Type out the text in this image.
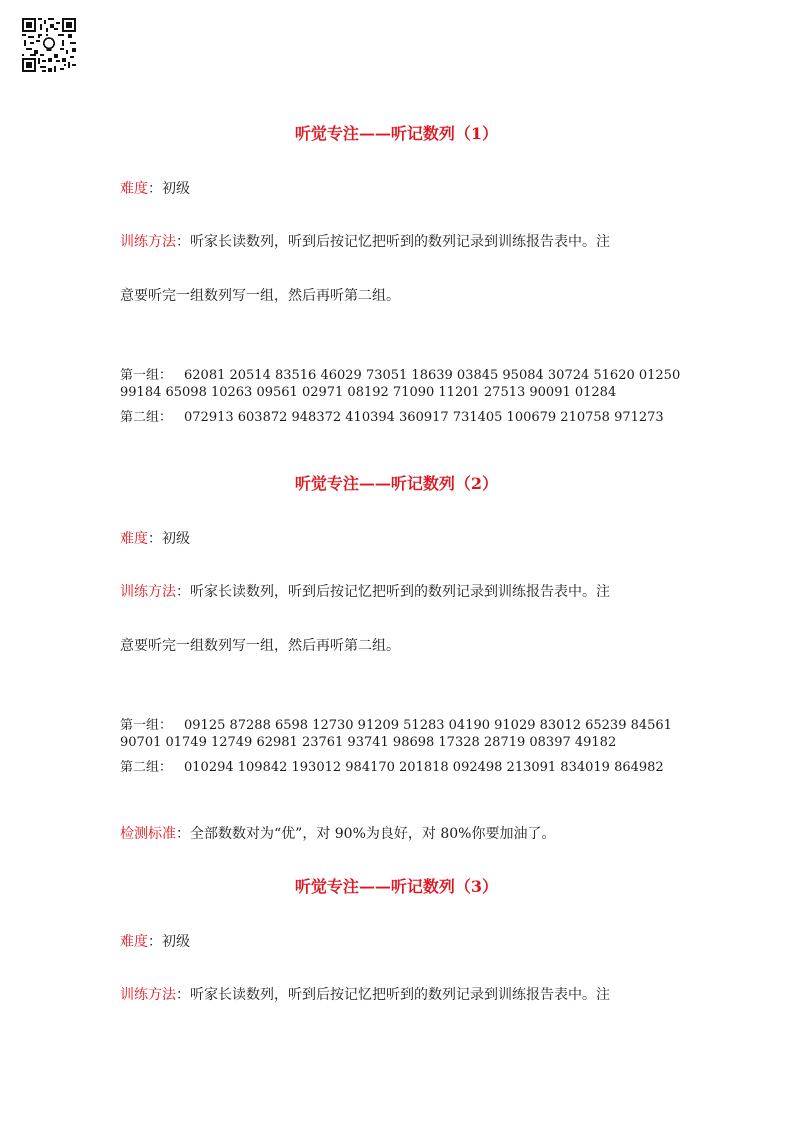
听觉专注——听记数列（1）
难度：初级
训练方法：听家长读数列，听到后按记忆把听到的数列记录到训练报告表中。注
意要听完一组数列写一组，然后再听第二组。
第一组： 62081 20514 83516 46029 73051 18639 03845 95084 30724 51620 01250
99184 65098 10263 09561 02971 08192 71090 11201 27513 90091 01284
第二组： 072913 603872 948372 410394 360917 731405 100679 210758 971273
听觉专注——听记数列（2）
难度：初级
训练方法：听家长读数列，听到后按记忆把听到的数列记录到训练报告表中。注
意要听完一组数列写一组，然后再听第二组。
第一组： 09125 87288 6598 12730 91209 51283 04190 91029 83012 65239 84561
90701 01749 12749 62981 23761 93741 98698 17328 28719 08397 49182
第二组： 010294 109842 193012 984170 201818 092498 213091 834019 864982
检测标准：全部数数对为“优”，对 90%为良好，对 80%你要加油了。
听觉专注——听记数列（3）
难度：初级
训练方法：听家长读数列，听到后按记忆把听到的数列记录到训练报告表中。注
